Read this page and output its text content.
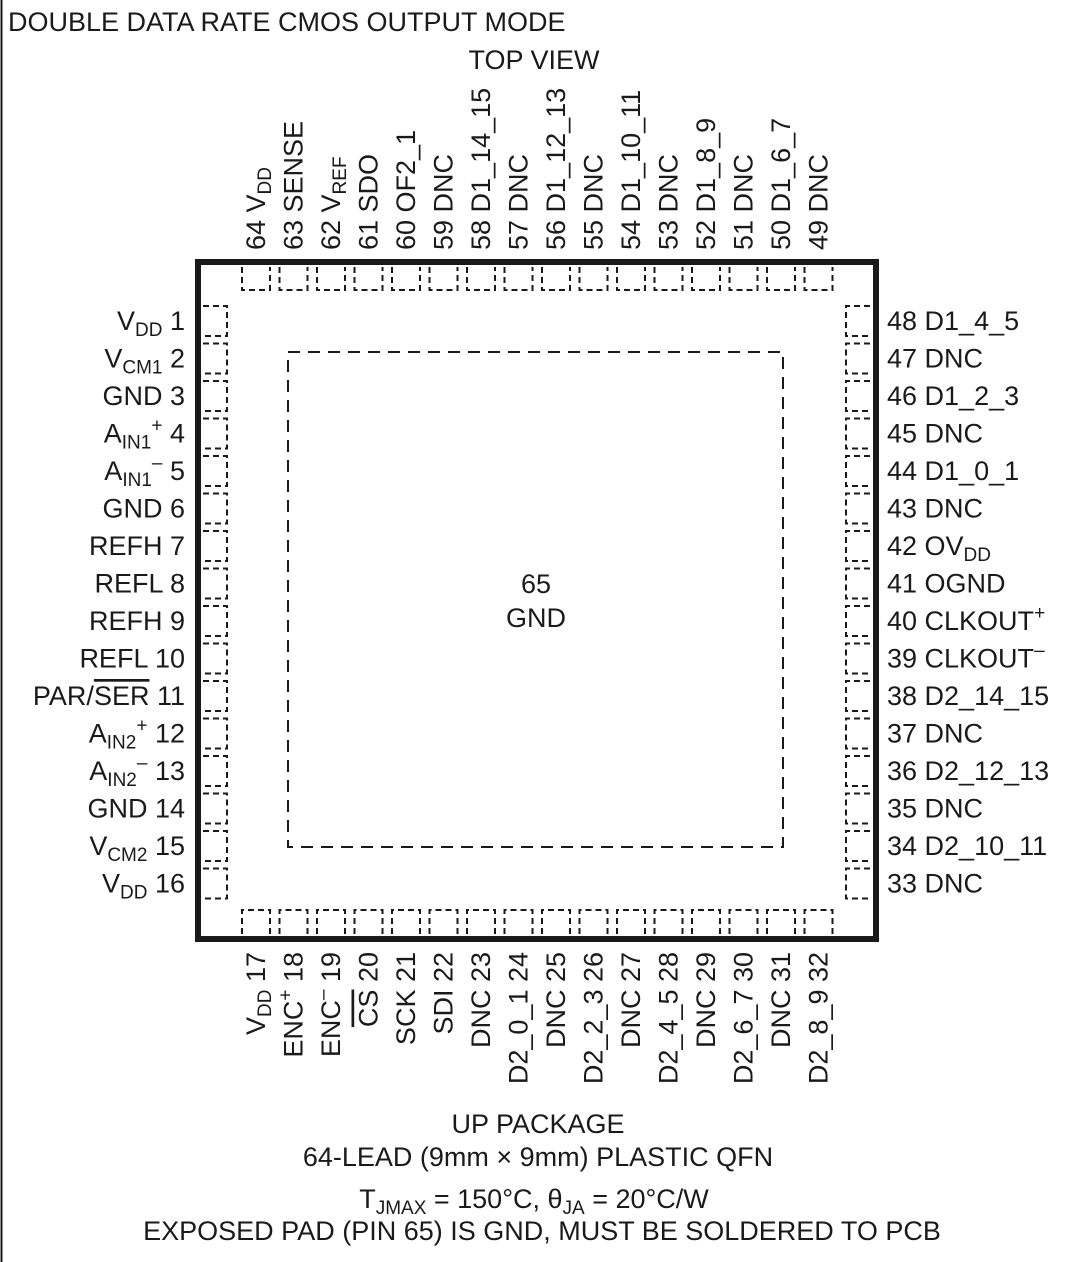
DOUBLE DATA RATE CMOS OUTPUT MODE
TOP VIEW
65
GND
$V_{DD}$ 1	48 D1_4_5
$V_{CM1}$ 2	47 DNC
GND 3	46 D1_2_3
$A_{IN1}^+$ 4	45 DNC
$A_{IN1}^-$ 5	44 D1_0_1
GND 6	43 DNC
REFH 7	42 $OV_{DD}$
REFL 8	41 OGND
REFH 9	40 CLKOUT+
REFL 10	39 CLKOUT–
PAR/SER 11	38 D2_14_15
$A_{IN2}^+$ 12	37 DNC
$A_{IN2}^-$ 13	36 D2_12_13
GND 14	35 DNC
$V_{CM2}$ 15	34 D2_10_11
$V_{DD}$ 16	33 DNC
64 $V_{DD}$
$V_{DD}$ 17
63 SENSE
ENC+ 18
62 $V_{REF}$
ENC– 19
61 SDO
CS 20
60 OF2_1
SCK 21
59 DNC
SDI 22
58 D1_14_15
DNC 23
57 DNC
D2_0_1 24
56 D1_12_13
DNC 25
55 DNC
D2_2_3 26
54 D1_10_11
DNC 27
53 DNC
D2_4_5 28
52 D1_8_9
DNC 29
51 DNC
D2_6_7 30
50 D1_6_7
DNC 31
49 DNC
D2_8_9 32
UP PACKAGE
64-LEAD (9mm × 9mm) PLASTIC QFN
$T_{JMAX} = 150^\circ C$, $\theta_{JA} = 20^\circ C/W$
EXPOSED PAD (PIN 65) IS GND, MUST BE SOLDERED TO PCB
